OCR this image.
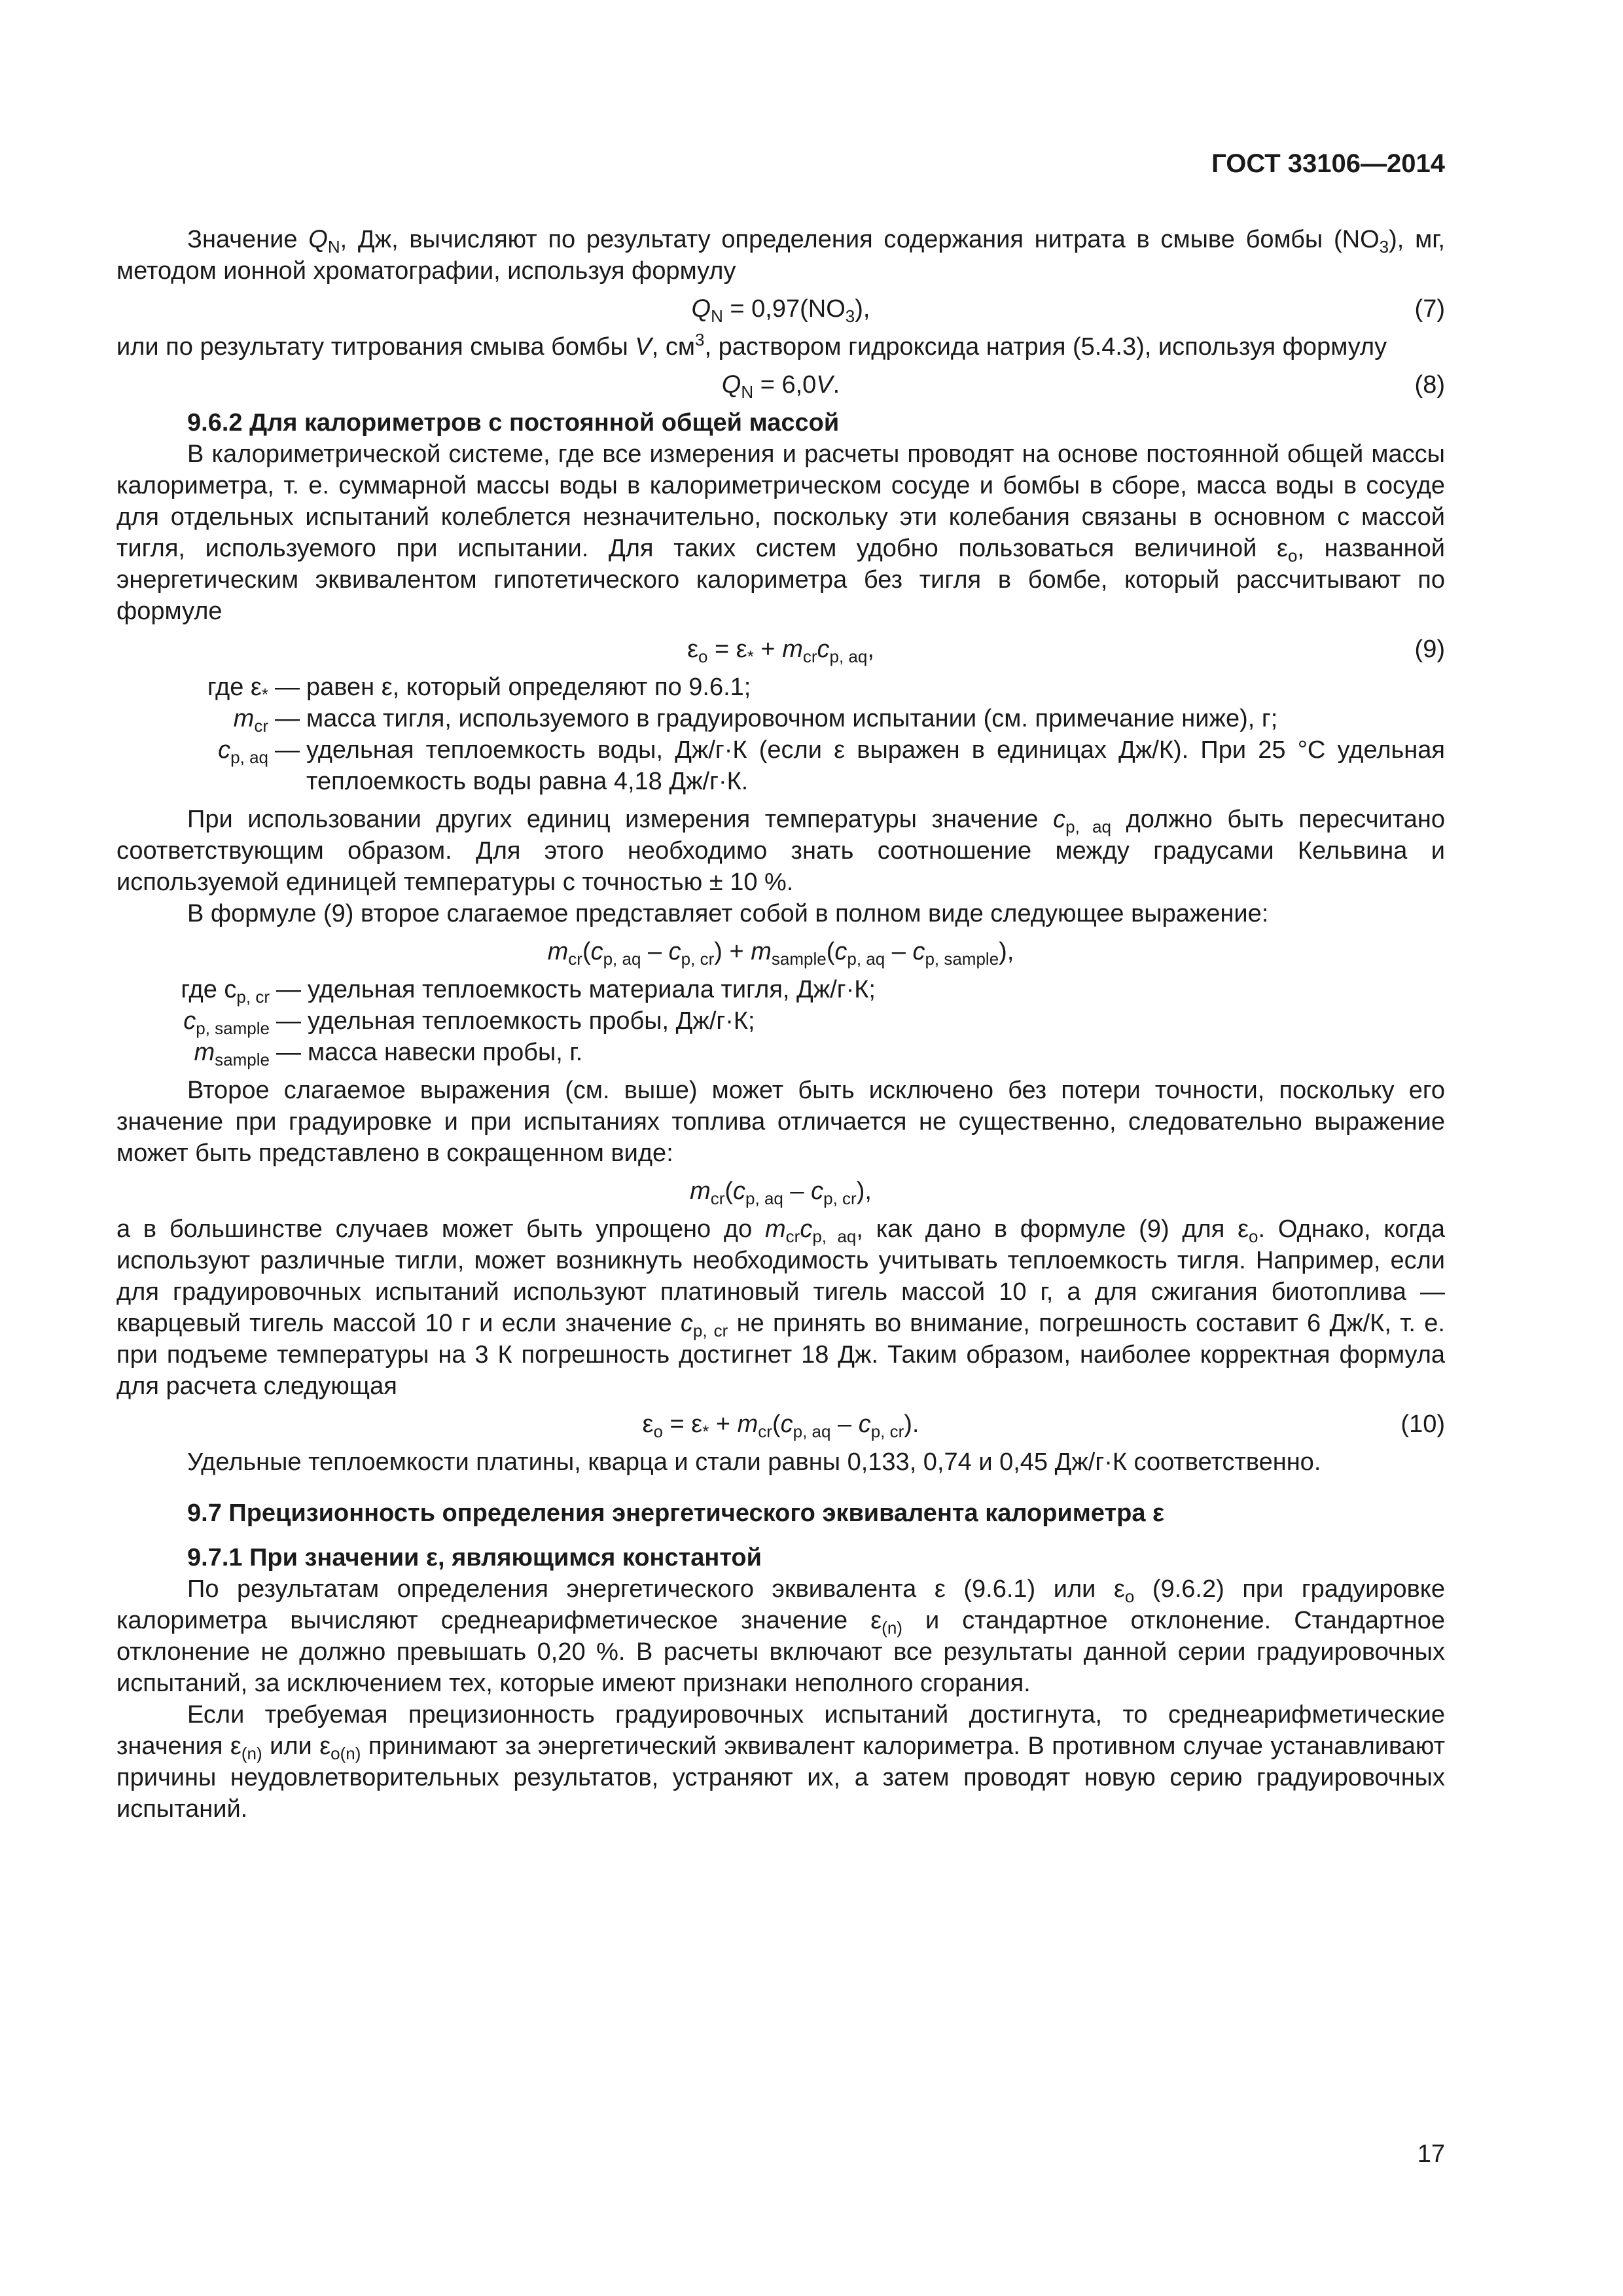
ГОСТ 33106—2014

Значение $Q_N$, Дж, вычисляют по результату определения содержания нитрата в смыве бомбы $(NO_3)$, мг, методом ионной хроматографии, используя формулу

$Q_N = 0,97(NO_3)$,	(7)

или по результату титрования смыва бомбы V, $см^3$, раствором гидроксида натрия (5.4.3), используя формулу

$Q_N = 6,0V$.	(8)

9.6.2 Для калориметров с постоянной общей массой

В калориметрической системе, где все измерения и расчеты проводят на основе постоянной общей массы калориметра, т. е. суммарной массы воды в калориметрическом сосуде и бомбы в сборе, масса воды в сосуде для отдельных испытаний колеблется незначительно, поскольку эти колебания связаны в основном с массой тигля, используемого при испытании. Для таких систем удобно пользоваться величиной $\varepsilon_o$, названной энергетическим эквивалентом гипотетического калориметра без тигля в бомбе, который рассчитывают по формуле

$\varepsilon_o = \varepsilon_* + m_{cr}c_{p, aq}$,	(9)
где $\varepsilon_*$ — равен ε, который определяют по 9.6.1;
$m_{cr}$ — масса тигля, используемого в градуировочном испытании (см. примечание ниже), г;
$c_{p, aq}$ — удельная теплоемкость воды, Дж/г·К (если ε выражен в единицах Дж/К). При 25 °С удельная теплоемкость воды равна 4,18 Дж/г·К.

При использовании других единиц измерения температуры значение $c_{p, aq}$ должно быть пересчитано соответствующим образом. Для этого необходимо знать соотношение между градусами Кельвина и используемой единицей температуры с точностью ± 10 %.

В формуле (9) второе слагаемое представляет собой в полном виде следующее выражение:

$m_{cr}(c_{p, aq} - c_{p, cr}) + m_{sample}(c_{p, aq} - c_{p, sample})$,
где $c_{p, cr}$ — удельная теплоемкость материала тигля, Дж/г·К;
$c_{p, sample}$ — удельная теплоемкость пробы, Дж/г·К;
$m_{sample}$ — масса навески пробы, г.

Второе слагаемое выражения (см. выше) может быть исключено без потери точности, поскольку его значение при градуировке и при испытаниях топлива отличается не существенно, следовательно выражение может быть представлено в сокращенном виде:

$m_{cr}(c_{p, aq} - c_{p, cr})$,

а в большинстве случаев может быть упрощено до $m_{cr}c_{p, aq}$, как дано в формуле (9) для $\varepsilon_o$. Однако, когда используют различные тигли, может возникнуть необходимость учитывать теплоемкость тигля. Например, если для градуировочных испытаний используют платиновый тигель массой 10 г, а для сжигания биотоплива — кварцевый тигель массой 10 г и если значение $c_{p, cr}$ не принять во внимание, погрешность составит 6 Дж/К, т. е. при подъеме температуры на 3 К погрешность достигнет 18 Дж. Таким образом, наиболее корректная формула для расчета следующая

$\varepsilon_o = \varepsilon_* + m_{cr}(c_{p, aq} - c_{p, cr})$.	(10)

Удельные теплоемкости платины, кварца и стали равны 0,133, 0,74 и 0,45 Дж/г·К соответственно.

9.7 Прецизионность определения энергетического эквивалента калориметра ε

9.7.1 При значении ε, являющимся константой

По результатам определения энергетического эквивалента ε (9.6.1) или $\varepsilon_o$ (9.6.2) при градуировке калориметра вычисляют среднеарифметическое значение $\varepsilon_{(n)}$ и стандартное отклонение. Стандартное отклонение не должно превышать 0,20 %. В расчеты включают все результаты данной серии градуировочных испытаний, за исключением тех, которые имеют признаки неполного сгорания.

Если требуемая прецизионность градуировочных испытаний достигнута, то среднеарифметические значения $\varepsilon_{(n)}$ или $\varepsilon_{o(n)}$ принимают за энергетический эквивалент калориметра. В противном случае устанавливают причины неудовлетворительных результатов, устраняют их, а затем проводят новую серию градуировочных испытаний.

17
